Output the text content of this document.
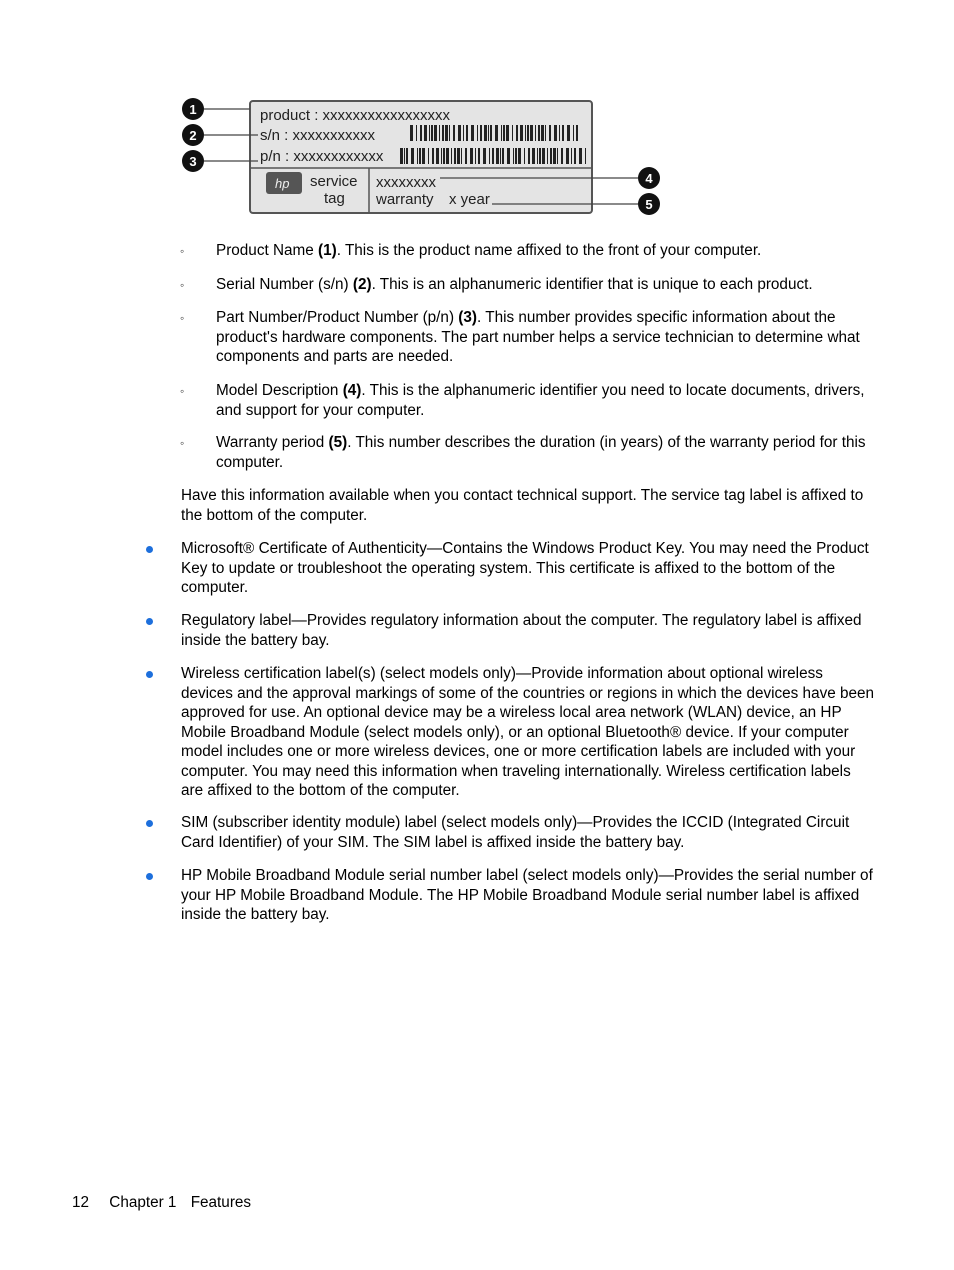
product : xxxxxxxxxxxxxxxxx
s/n : xxxxxxxxxxx
p/n : xxxxxxxxxxxx
hp service
tag
xxxxxxxx
warranty x year
1
2
3
4
5
◦ Product Name (1). This is the product name affixed to the front of your computer.

◦ Serial Number (s/n) (2). This is an alphanumeric identifier that is unique to each product.

◦ Part Number/Product Number (p/n) (3). This number provides specific information about the product's hardware components. The part number helps a service technician to determine what components and parts are needed.

◦ Model Description (4). This is the alphanumeric identifier you need to locate documents, drivers, and support for your computer.

◦ Warranty period (5). This number describes the duration (in years) of the warranty period for this computer.

Have this information available when you contact technical support. The service tag label is affixed to the bottom of the computer.

Microsoft® Certificate of Authenticity—Contains the Windows Product Key. You may need the Product Key to update or troubleshoot the operating system. This certificate is affixed to the bottom of the computer.

Regulatory label—Provides regulatory information about the computer. The regulatory label is affixed inside the battery bay.

Wireless certification label(s) (select models only)—Provide information about optional wireless devices and the approval markings of some of the countries or regions in which the devices have been approved for use. An optional device may be a wireless local area network (WLAN) device, an HP Mobile Broadband Module (select models only), or an optional Bluetooth® device. If your computer model includes one or more wireless devices, one or more certification labels are included with your computer. You may need this information when traveling internationally. Wireless certification labels are affixed to the bottom of the computer.

SIM (subscriber identity module) label (select models only)—Provides the ICCID (Integrated Circuit Card Identifier) of your SIM. The SIM label is affixed inside the battery bay.

HP Mobile Broadband Module serial number label (select models only)—Provides the serial number of your HP Mobile Broadband Module. The HP Mobile Broadband Module serial number label is affixed inside the battery bay.

12 Chapter 1 Features
